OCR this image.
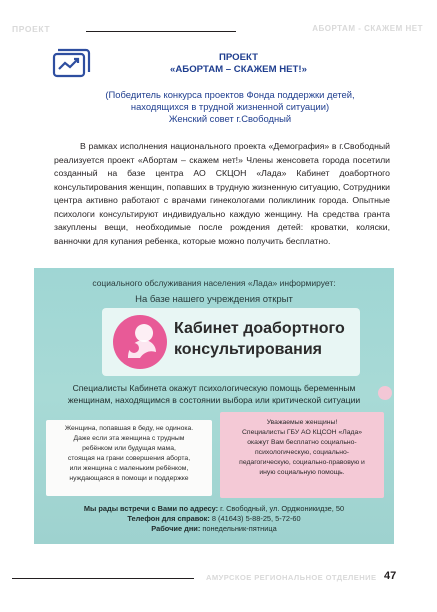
ПРОЕКТ	АБОРТАМ - СКАЖЕМ НЕТ
ПРОЕКТ
«АБОРТАМ – СКАЖЕМ НЕТ!»
(Победитель конкурса проектов Фонда поддержки детей,
находящихся в трудной жизненной ситуации)
Женский совет г.Свободный

В рамках исполнения национального проекта «Демография» в г.Свободный реализуется проект «Абортам – скажем нет!» Члены женсовета города посетили созданный на базе центра АО СКЦОН «Лада» Кабинет доабортного консультирования женщин, попавших в трудную жизненную ситуацию, Сотрудники центра активно работают с врачами гинекологами поликлиник города. Опытные психологи консультируют индивидуально каждую женщину. На средства гранта закуплены вещи, необходимые после рождения детей: кроватки, коляски, ванночки для купания ребенка, которые можно получить бесплатно.

социального обслуживания населения «Лада» информирует:
На базе нашего учреждения открыт
Кабинет доабортного
консультирования
Специалисты Кабинета окажут психологическую помощь беременным
женщинам, находящимся в состоянии выбора или критической ситуации
Женщина, попавшая в беду, не одинока.
Даже если эта женщина с трудным
ребёнком или будущая мама,
стоящая на грани совершения аборта,
или женщина с маленьким ребёнком,
нуждающаяся в помощи и поддержке
Уважаемые женщины!
Специалисты ГБУ АО КЦСОН «Лада»
окажут Вам бесплатно социально-
психологическую, социально-
педагогическую, социально-правовую и
иную социальную помощь.
Мы рады встречи с Вами по адресу: г. Свободный, ул. Орджоникидзе, 50
Телефон для справок: 8 (41643) 5-88-25, 5-72-60
Рабочие дни: понедельник-пятница
АМУРСКОЕ РЕГИОНАЛЬНОЕ ОТДЕЛЕНИЕ 47
